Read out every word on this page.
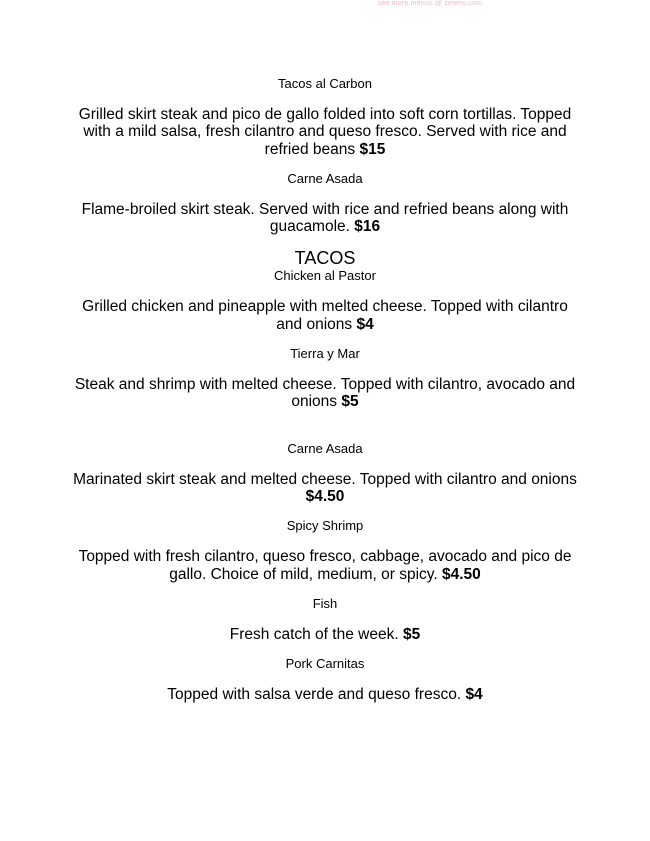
see more menus @ zmenu.com

Tacos al Carbon

Grilled skirt steak and pico de gallo folded into soft corn tortillas. Topped with a mild salsa, fresh cilantro and queso fresco. Served with rice and refried beans $15

Carne Asada

Flame-broiled skirt steak. Served with rice and refried beans along with guacamole. $16

TACOS

Chicken al Pastor

Grilled chicken and pineapple with melted cheese. Topped with cilantro and onions $4

Tierra y Mar

Steak and shrimp with melted cheese. Topped with cilantro, avocado and onions $5

Carne Asada

Marinated skirt steak and melted cheese. Topped with cilantro and onions $4.50

Spicy Shrimp

Topped with fresh cilantro, queso fresco, cabbage, avocado and pico de gallo. Choice of mild, medium, or spicy. $4.50

Fish

Fresh catch of the week. $5

Pork Carnitas

Topped with salsa verde and queso fresco. $4
